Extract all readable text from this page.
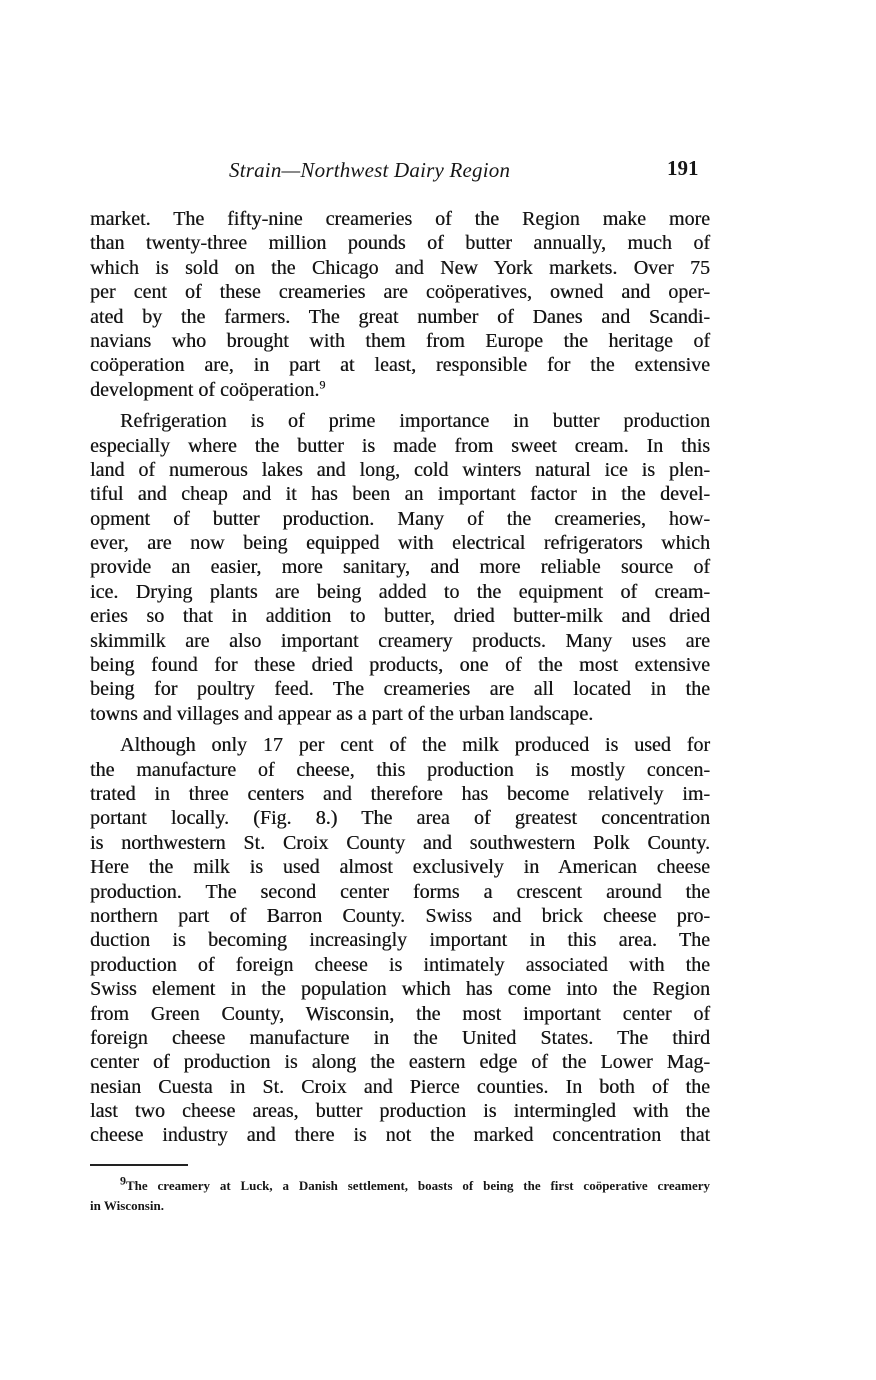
Strain—Northwest Dairy Region	191
market. The fifty-nine creameries of the Region make more
than twenty-three million pounds of butter annually, much of
which is sold on the Chicago and New York markets. Over 75
per cent of these creameries are coöperatives, owned and oper-
ated by the farmers. The great number of Danes and Scandi-
navians who brought with them from Europe the heritage of
coöperation are, in part at least, responsible for the extensive
development of coöperation.$^9$
Refrigeration is of prime importance in butter production
especially where the butter is made from sweet cream. In this
land of numerous lakes and long, cold winters natural ice is plen-
tiful and cheap and it has been an important factor in the devel-
opment of butter production. Many of the creameries, how-
ever, are now being equipped with electrical refrigerators which
provide an easier, more sanitary, and more reliable source of
ice. Drying plants are being added to the equipment of cream-
eries so that in addition to butter, dried butter-milk and dried
skimmilk are also important creamery products. Many uses are
being found for these dried products, one of the most extensive
being for poultry feed. The creameries are all located in the
towns and villages and appear as a part of the urban landscape.
Although only 17 per cent of the milk produced is used for
the manufacture of cheese, this production is mostly concen-
trated in three centers and therefore has become relatively im-
portant locally. (Fig. 8.) The area of greatest concentration
is northwestern St. Croix County and southwestern Polk County.
Here the milk is used almost exclusively in American cheese
production. The second center forms a crescent around the
northern part of Barron County. Swiss and brick cheese pro-
duction is becoming increasingly important in this area. The
production of foreign cheese is intimately associated with the
Swiss element in the population which has come into the Region
from Green County, Wisconsin, the most important center of
foreign cheese manufacture in the United States. The third
center of production is along the eastern edge of the Lower Mag-
nesian Cuesta in St. Croix and Pierce counties. In both of the
last two cheese areas, butter production is intermingled with the
cheese industry and there is not the marked concentration that
$^9$The creamery at Luck, a Danish settlement, boasts of being the first coöperative creamery
in Wisconsin.
